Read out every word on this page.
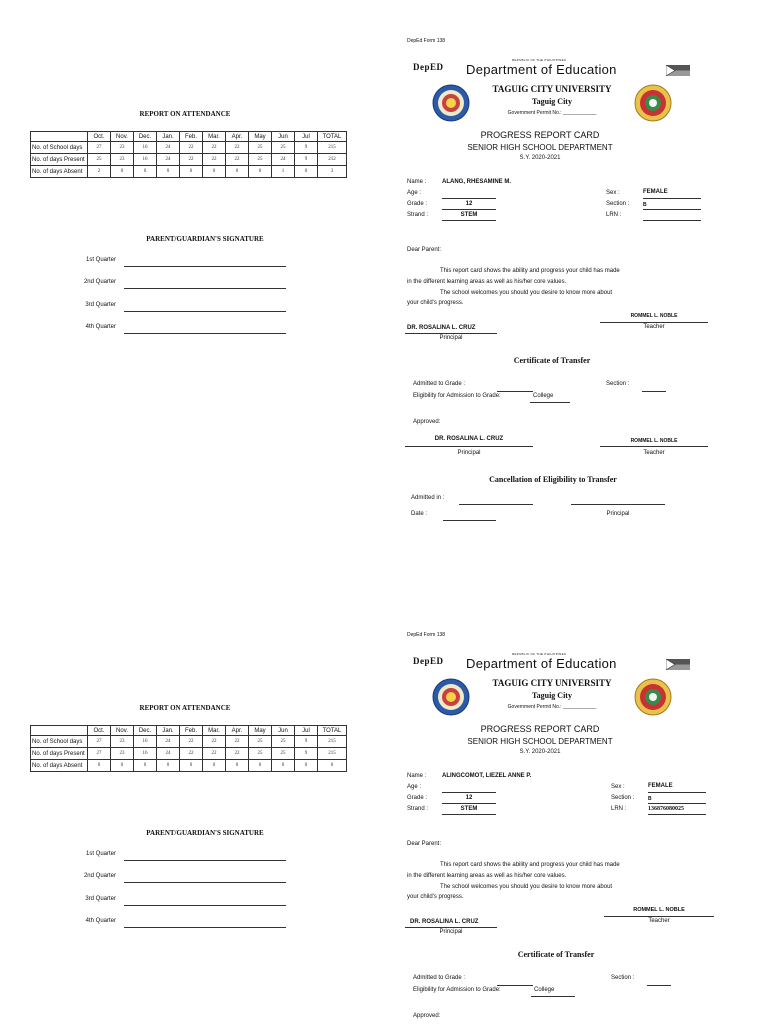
REPORT ON ATTENDANCE
	Oct.	Nov.	Dec.	Jan.	Feb.	Mar.	Apr.	May	Jun	Jul	TOTAL
No. of School days	27	23	16	24	22	22	22	25	25	9	215
No. of days Present	25	23	16	24	22	22	22	25	24	9	212
No. of days Absent	2	0	0	0	0	0	0	0	1	0	3
PARENT/GUARDIAN'S SIGNATURE
1st Quarter
2nd Quarter
3rd Quarter
4th Quarter
DepEd Form 138
DepED
REPUBLIC OF THE PHILIPPINES
Department of Education
TAGUIG CITY UNIVERSITY
Taguig City
Government Permit No.: ____________
PROGRESS REPORT CARD
SENIOR HIGH SCHOOL DEPARTMENT
S.Y. 2020-2021
Name :	ALANG, RHESAMINE M.
Age :
Grade :	12
Strand :	STEM
Sex :	FEMALE
Section :	B
LRN :
Dear Parent:
This report card shows the ability and progress your child has made
in the different learning areas as well as his/her core values.
The school welcomes you should you desire to know more about
your child's progress.
ROMMEL L. NOBLE
Teacher
DR. ROSALINA L. CRUZ
Principal
Certificate of Transfer
Admitted to Grade :	Section :
Eligibility for Admission to Grade:	College
Approved:
DR. ROSALINA L. CRUZ
Principal
ROMMEL L. NOBLE
Teacher
Cancellation of Eligibility to Transfer
Admitted in :
Date :	Principal
REPORT ON ATTENDANCE
	Oct.	Nov.	Dec.	Jan.	Feb.	Mar.	Apr.	May	Jun	Jul	TOTAL
No. of School days	27	23	16	24	22	22	22	25	25	9	215
No. of days Present	27	23	16	24	22	22	22	25	25	9	215
No. of days Absent	0	0	0	0	0	0	0	0	0	0	0
PARENT/GUARDIAN'S SIGNATURE
1st Quarter
2nd Quarter
3rd Quarter
4th Quarter
DepEd Form 138
DepED
REPUBLIC OF THE PHILIPPINES
Department of Education
TAGUIG CITY UNIVERSITY
Taguig City
Government Permit No.: ____________
PROGRESS REPORT CARD
SENIOR HIGH SCHOOL DEPARTMENT
S.Y. 2020-2021
Name :	ALINGCOMOT, LIEZEL ANNE P.
Age :
Grade :	12
Strand :	STEM
Sex :	FEMALE
Section :	B
LRN :	136876080025
Dear Parent:
This report card shows the ability and progress your child has made
in the different learning areas as well as his/her core values.
The school welcomes you should you desire to know more about
your child's progress.
ROMMEL L. NOBLE
Teacher
DR. ROSALINA L. CRUZ
Principal
Certificate of Transfer
Admitted to Grade :	Section :
Eligibility for Admission to Grade:	College
Approved:
